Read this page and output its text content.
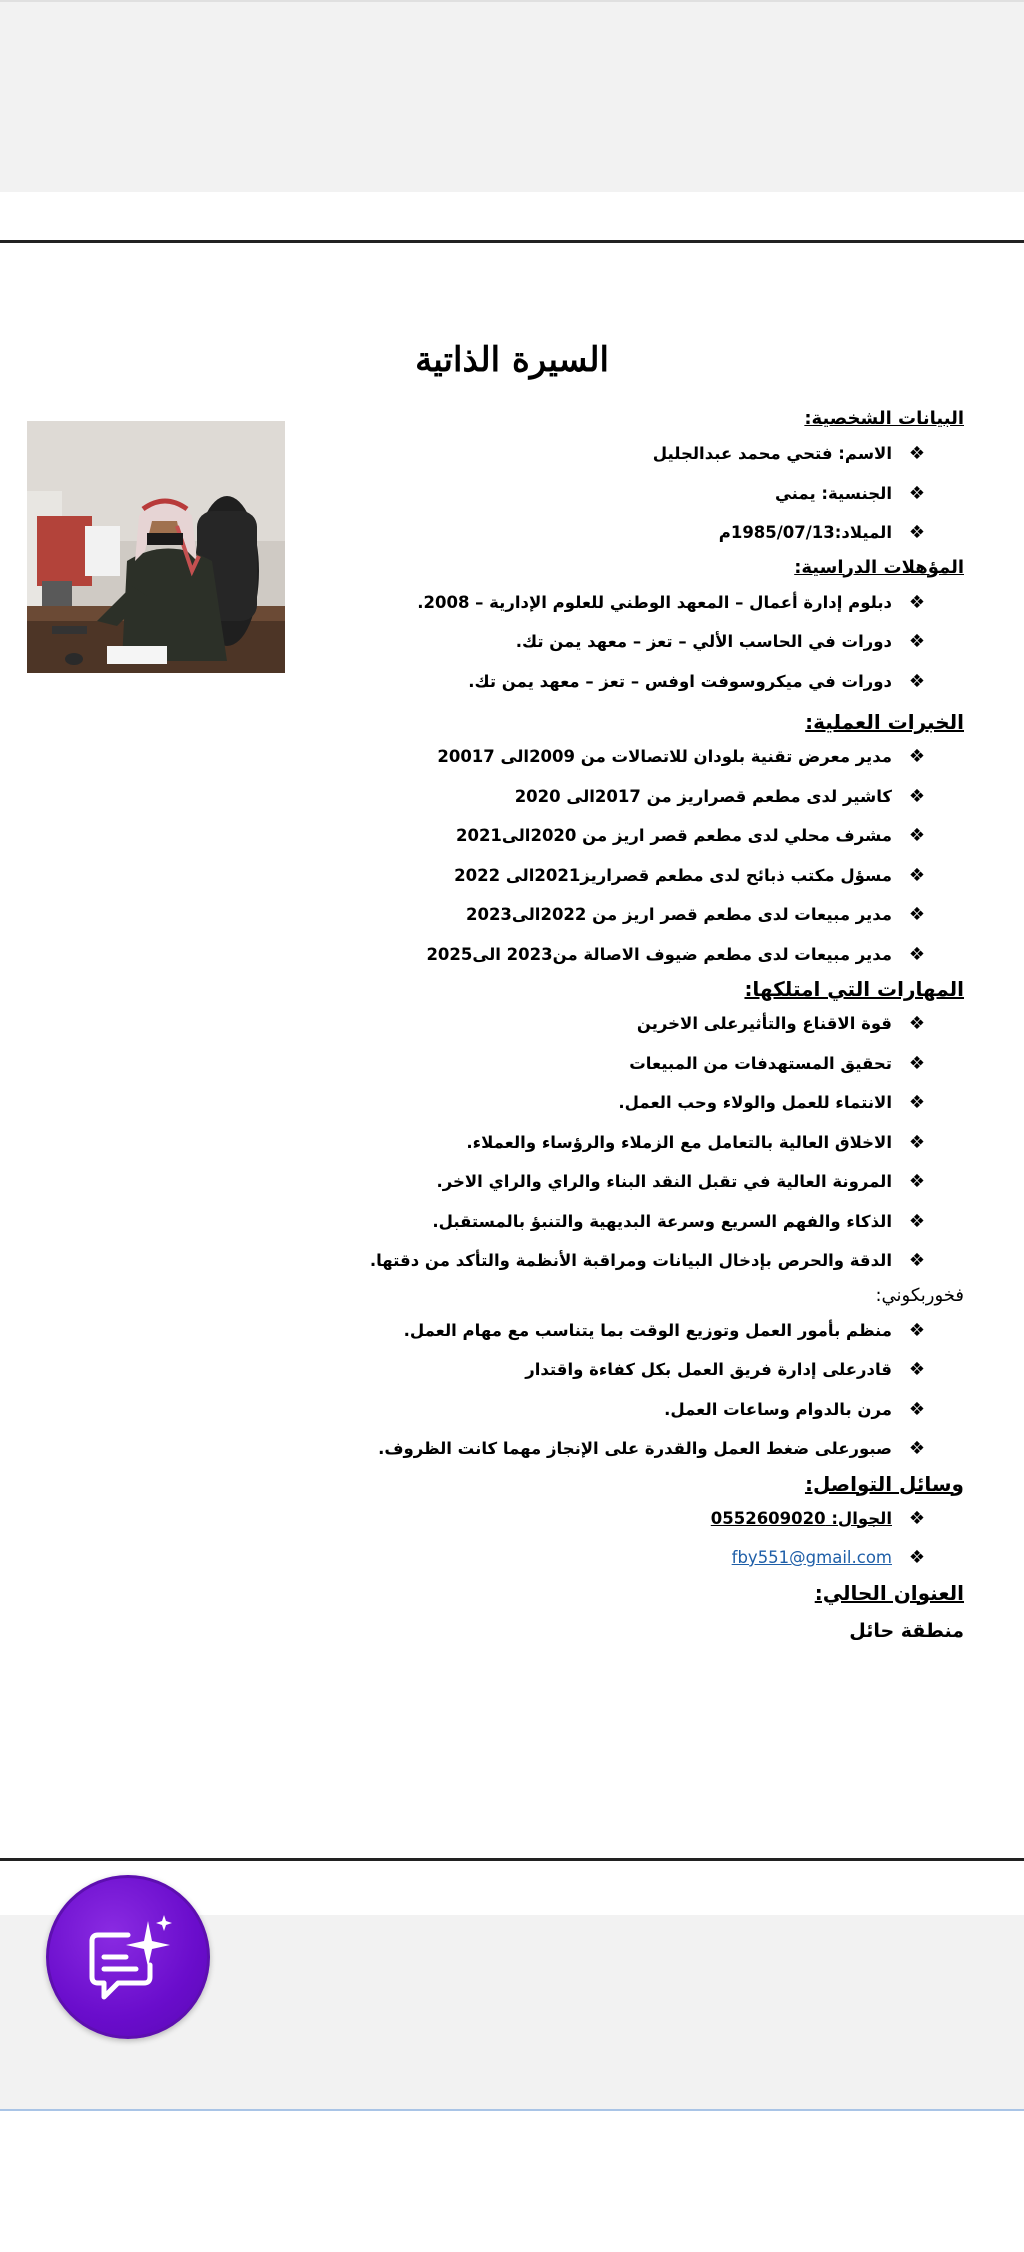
السيرة الذاتية

البيانات الشخصية:

❖
الاسم: فتحي محمد عبدالجليل
❖
الجنسية: يمني
❖
الميلاد:1985/07/13م

المؤهلات الدراسية:

❖
دبلوم إدارة أعمال – المعهد الوطني للعلوم الإدارية – 2008.
❖
دورات في الحاسب الألي – تعز – معهد يمن تك.
❖
دورات في ميكروسوفت اوفس – تعز – معهد يمن تك.

الخبرات العملية:

❖
مدير معرض تقنية بلودان للاتصالات من 2009الى 20017
❖
كاشير لدى مطعم قصراريز من 2017الى 2020
❖
مشرف محلي لدى مطعم قصر اريز من 2020الى2021
❖
مسؤل مكتب ذبائح لدى مطعم قصراريز2021الى 2022
❖
مدير مبيعات لدى مطعم قصر اريز من 2022الى2023
❖
مدير مبيعات لدى مطعم ضيوف الاصالة من2023 الى2025

المهارات التي امتلكها:

❖
قوة الاقناع والتأثيرعلى الاخرين
❖
تحقيق المستهدفات من المبيعات
❖
الانتماء للعمل والولاء وحب العمل.
❖
الاخلاق العالية بالتعامل مع الزملاء والرؤساء والعملاء.
❖
المرونة العالية في تقبل النقد البناء والراي والراي الاخر.
❖
الذكاء والفهم السريع وسرعة البديهية والتنبؤ بالمستقبل.
❖
الدقة والحرص بإدخال البيانات ومراقبة الأنظمة والتأكد من دقتها.

فخوربكوني:

❖
منظم بأمور العمل وتوزيع الوقت بما يتناسب مع مهام العمل.
❖
قادرعلى إدارة فريق العمل بكل كفاءة واقتدار
❖
مرن بالدوام وساعات العمل.
❖
صبورعلى ضغط العمل والقدرة على الإنجاز مهما كانت الظروف.

وسائل التواصل:

❖
الجوال: 0552609020
❖
fby551@gmail.com

العنوان الحالي:

منطقة حائل
